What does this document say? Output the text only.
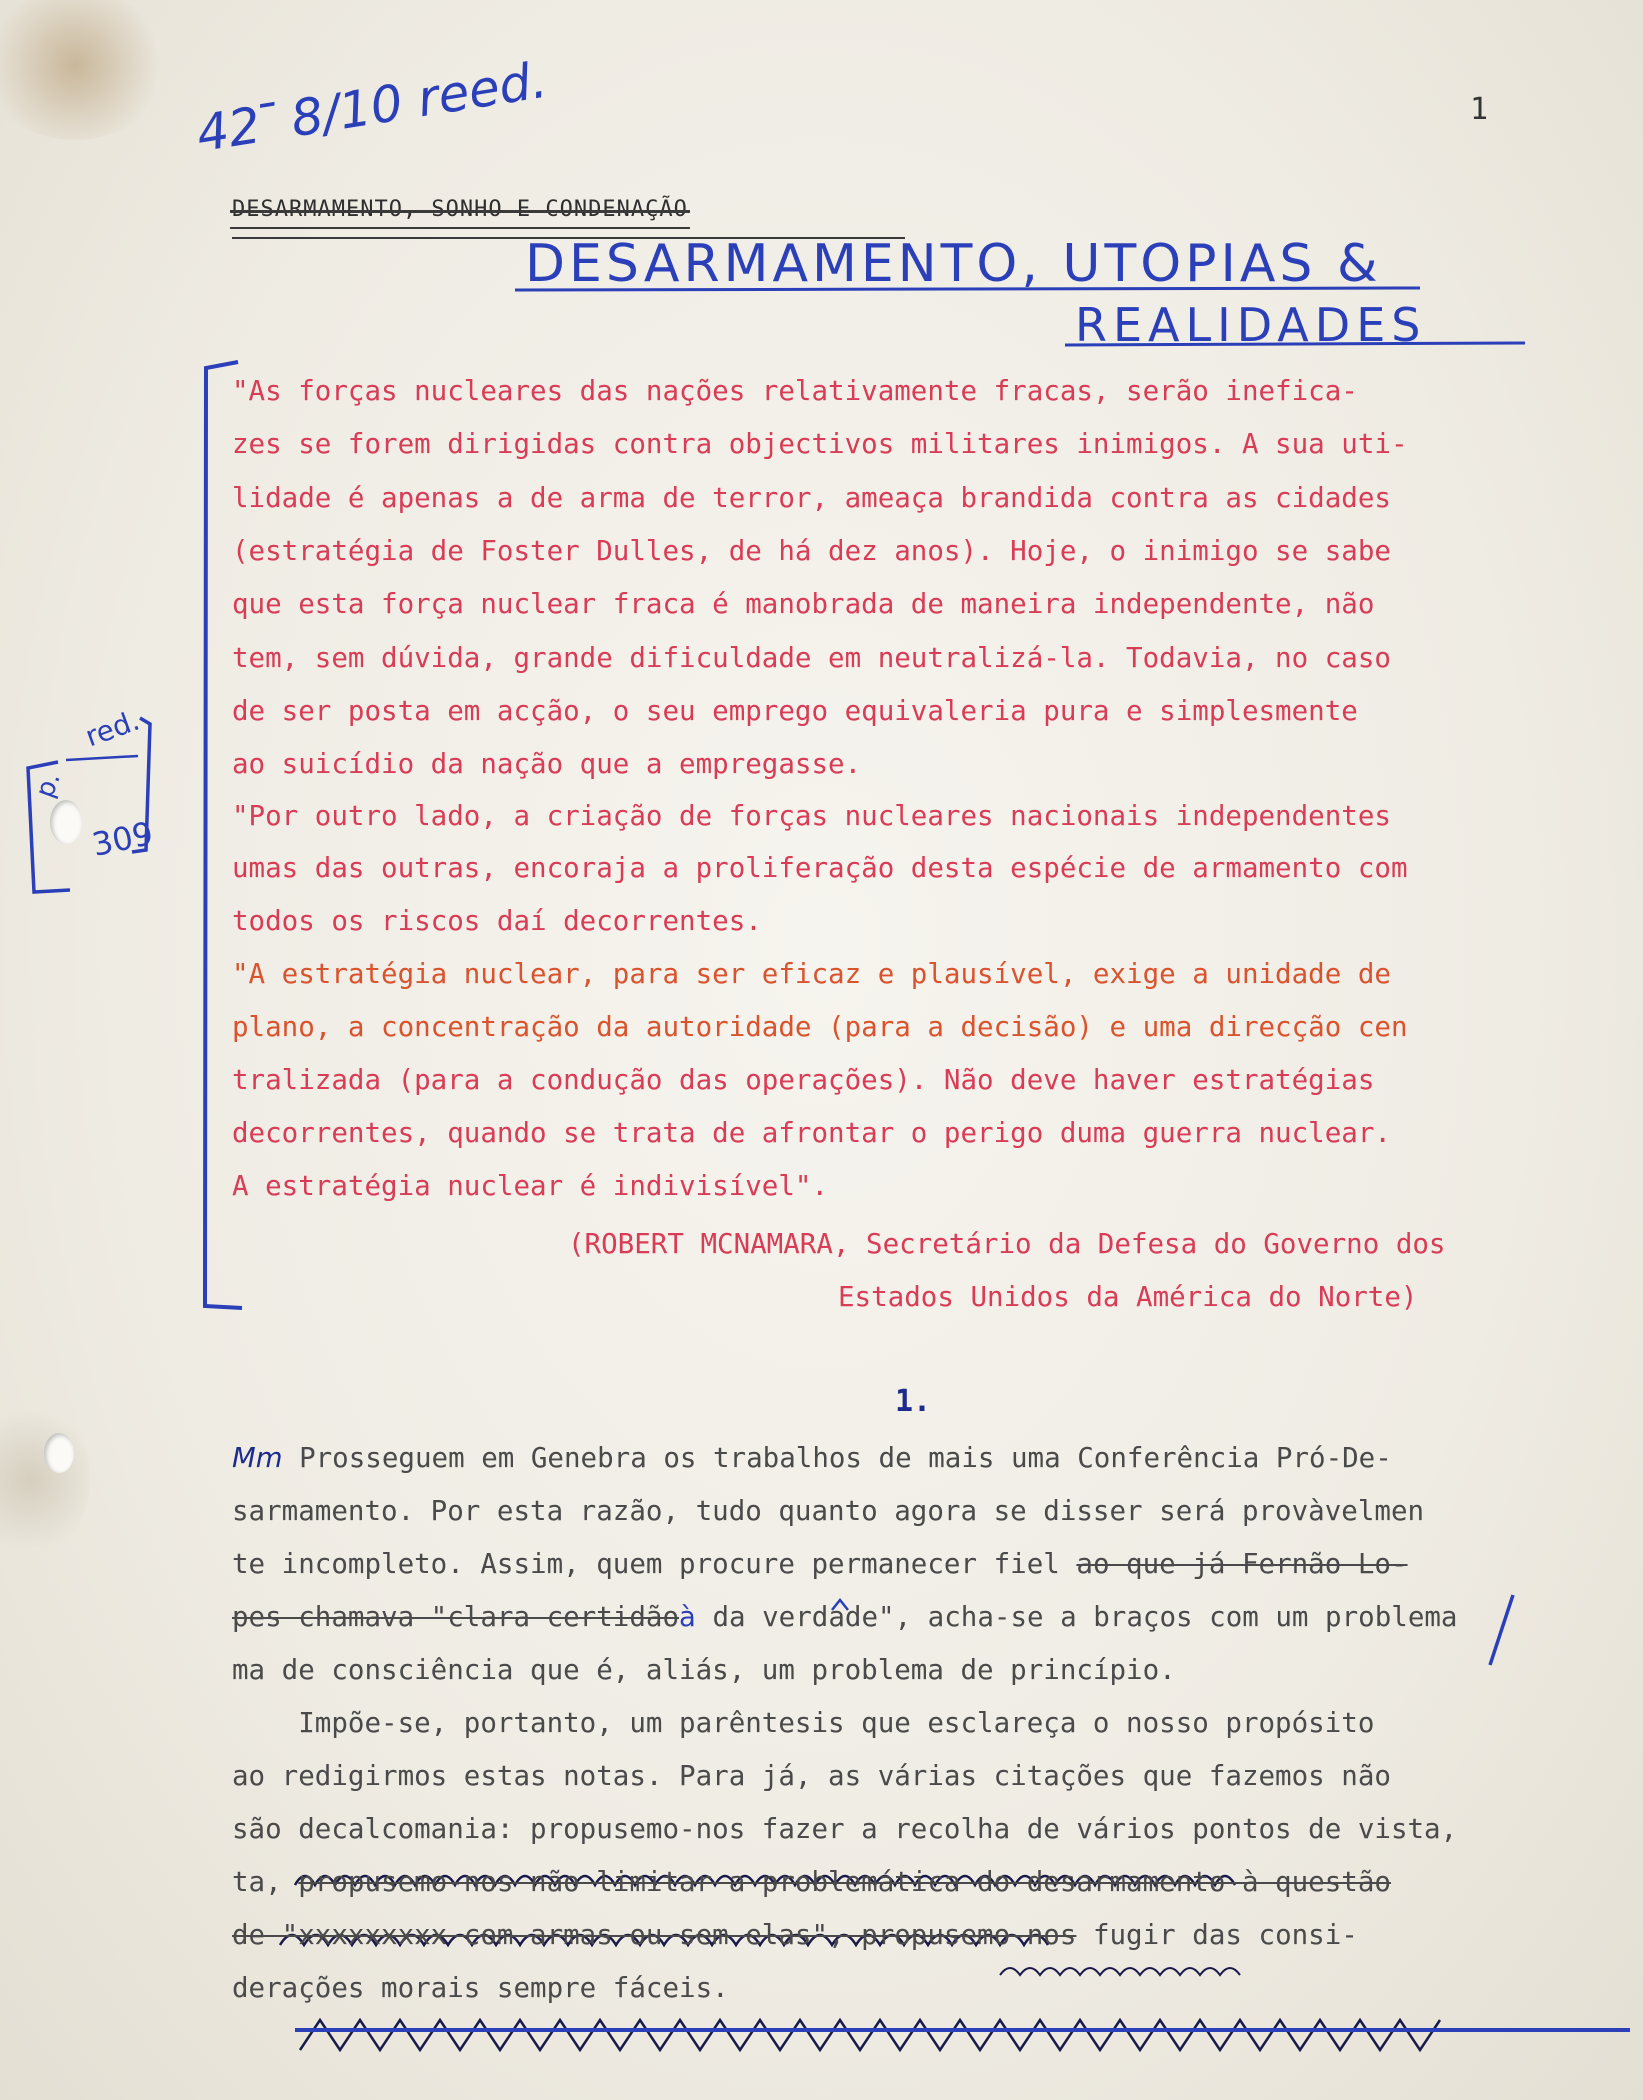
42 ̄ 8/10 reed.	1
DESARMAMENTO, SONHO E CONDENAÇÃO
DESARMAMENTO, UTOPIAS &
REALIDADES
red.
p.
309
"As forças nucleares das nações relativamente fracas, serão inefica-
zes se forem dirigidas contra objectivos militares inimigos. A sua uti-
lidade é apenas a de arma de terror, ameaça brandida contra as cidades
(estratégia de Foster Dulles, de há dez anos). Hoje, o inimigo se sabe
que esta força nuclear fraca é manobrada de maneira independente, não
tem, sem dúvida, grande dificuldade em neutralizá-la. Todavia, no caso
de ser posta em acção, o seu emprego equivaleria pura e simplesmente
ao suicídio da nação que a empregasse.
"Por outro lado, a criação de forças nucleares nacionais independentes
umas das outras, encoraja a proliferação desta espécie de armamento com
todos os riscos daí decorrentes.
"A estratégia nuclear, para ser eficaz e plausível, exige a unidade de
plano, a concentração da autoridade (para a decisão) e uma direcção cen
tralizada (para a condução das operações). Não deve haver estratégias
decorrentes, quando se trata de afrontar o perigo duma guerra nuclear.
A estratégia nuclear é indivisível".
(ROBERT MCNAMARA, Secretário da Defesa do Governo dos
Estados Unidos da América do Norte)
1.
Mm Prosseguem em Genebra os trabalhos de mais uma Conferência Pró-De-
sarmamento. Por esta razão, tudo quanto agora se disser será provàvelmen
te incompleto. Assim, quem procure permanecer fiel ao que já Fernão Lo-
pes chamava "clara certidãoà da verdade", acha-se a braços com um problema
ma de consciência que é, aliás, um problema de princípio.
Impõe-se, portanto, um parêntesis que esclareça o nosso propósito
ao redigirmos estas notas. Para já, as várias citações que fazemos não
são decalcomania: propusemo-nos fazer a recolha de vários pontos de vista,
ta, propusemo-nos não limitar a problemática do desarmamento à questão
de "xxxxxxxxx com armas ou sem elas", propusemo-nos fugir das consi-
derações morais sempre fáceis.
